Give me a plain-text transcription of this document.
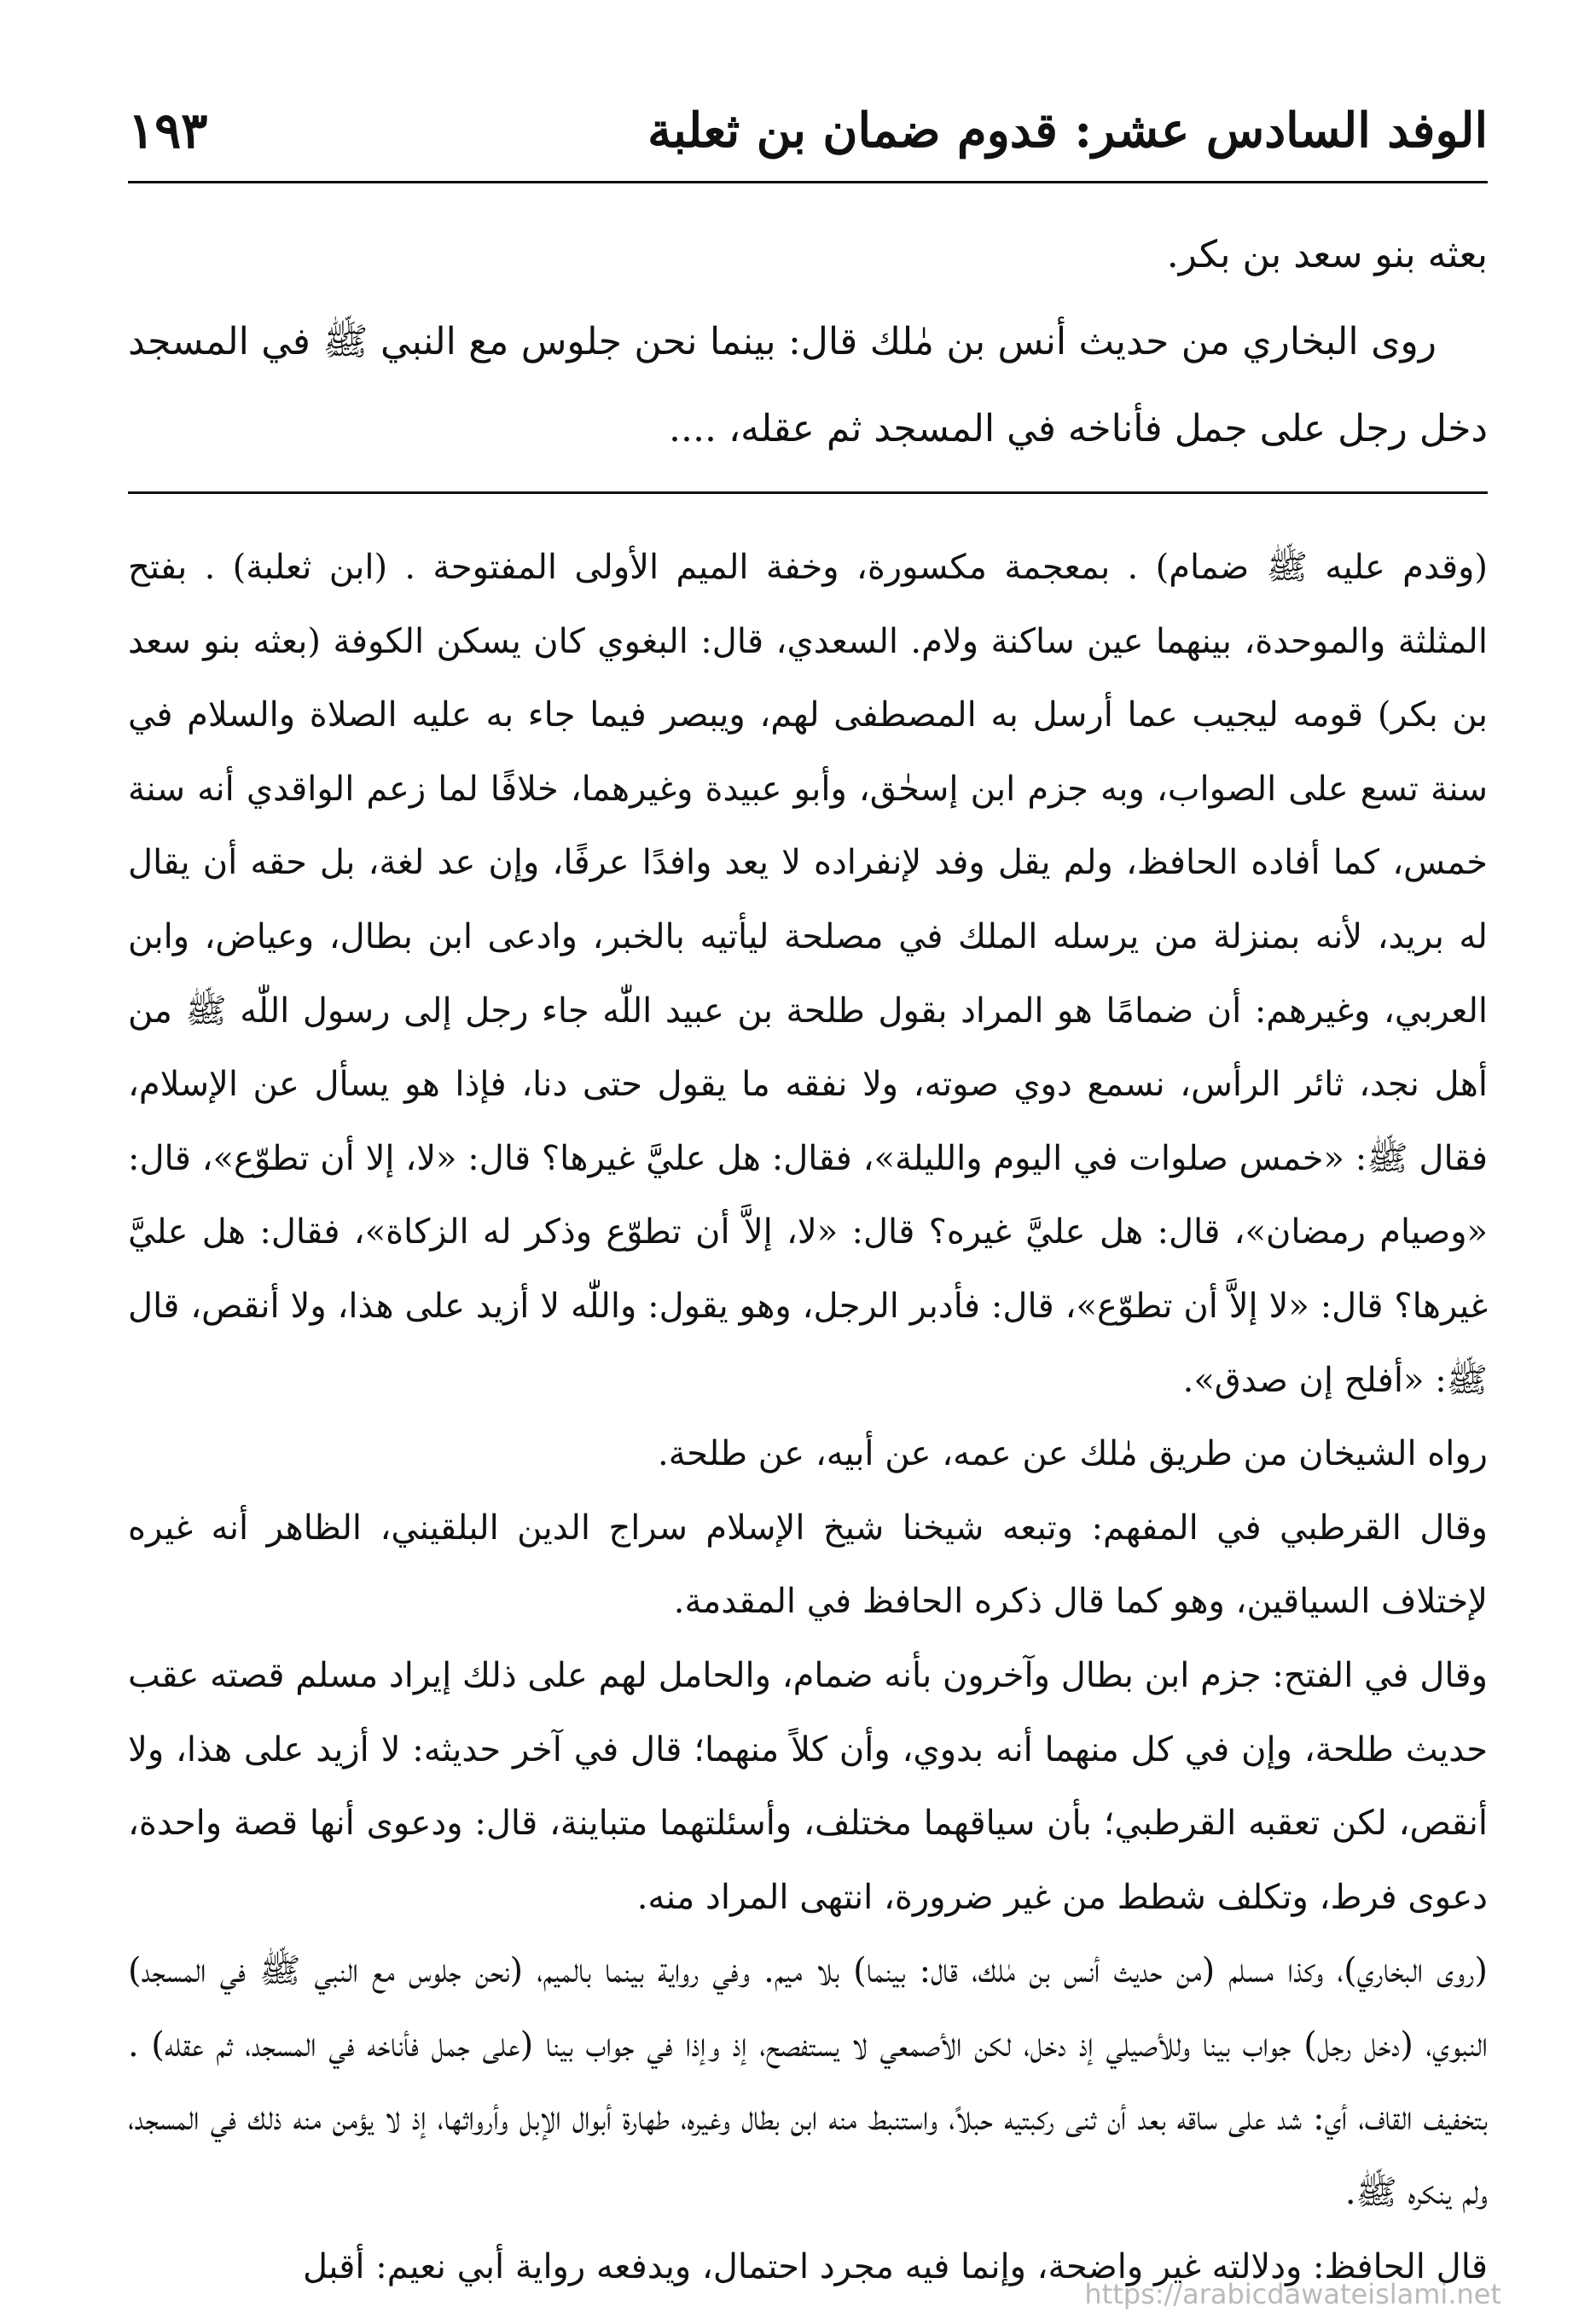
الوفد السادس عشر: قدوم ضمان بن ثعلبة
١٩٣

بعثه بنو سعد بن بكر.

روى البخاري من حديث أنس بن مٰلك قال: بينما نحن جلوس مع النبي ﷺ في المسجد دخل رجل على جمل فأناخه في المسجد ثم عقله، ....

(وقدم عليه ﷺ ضمام) . بمعجمة مكسورة، وخفة الميم الأولى المفتوحة . (ابن ثعلبة) . بفتح المثلثة والموحدة، بينهما عين ساكنة ولام. السعدي، قال: البغوي كان يسكن الكوفة (بعثه بنو سعد بن بكر) قومه ليجيب عما أرسل به المصطفى لهم، ويبصر فيما جاء به عليه الصلاة والسلام في سنة تسع على الصواب، وبه جزم ابن إسحٰق، وأبو عبيدة وغيرهما، خلافًا لما زعم الواقدي أنه سنة خمس، كما أفاده الحافظ، ولم يقل وفد لإنفراده لا يعد وافدًا عرفًا، وإن عد لغة، بل حقه أن يقال له بريد، لأنه بمنزلة من يرسله الملك في مصلحة ليأتيه بالخبر، وادعى ابن بطال، وعياض، وابن العربي، وغيرهم: أن ضمامًا هو المراد بقول طلحة بن عبيد اللّٰه جاء رجل إلى رسول اللّٰه ﷺ من أهل نجد، ثائر الرأس، نسمع دوي صوته، ولا نفقه ما يقول حتى دنا، فإذا هو يسأل عن الإسلام، فقال ﷺ: «خمس صلوات في اليوم والليلة»، فقال: هل عليَّ غيرها؟ قال: «لا، إلا أن تطوّع»، قال: «وصيام رمضان»، قال: هل عليَّ غيره؟ قال: «لا، إلاَّ أن تطوّع وذكر له الزكاة»، فقال: هل عليَّ غيرها؟ قال: «لا إلاَّ أن تطوّع»، قال: فأدبر الرجل، وهو يقول: واللّٰه لا أزيد على هذا، ولا أنقص، قال ﷺ: «أفلح إن صدق».

رواه الشيخان من طريق مٰلك عن عمه، عن أبيه، عن طلحة.

وقال القرطبي في المفهم: وتبعه شيخنا شيخ الإسلام سراج الدين البلقيني، الظاهر أنه غيره لإختلاف السياقين، وهو كما قال ذكره الحافظ في المقدمة.

وقال في الفتح: جزم ابن بطال وآخرون بأنه ضمام، والحامل لهم على ذلك إيراد مسلم قصته عقب حديث طلحة، وإن في كل منهما أنه بدوي، وأن كلاً منهما؛ قال في آخر حديثه: لا أزيد على هذا، ولا أنقص، لكن تعقبه القرطبي؛ بأن سياقهما مختلف، وأسئلتهما متباينة، قال: ودعوى أنها قصة واحدة، دعوى فرط، وتكلف شطط من غير ضرورة، انتهى المراد منه.

(روى البخاري)، وكذا مسلم (من حديث أنس بن مٰلك، قال: بينما) بلا ميم. وفي رواية بينما بالميم، (نحن جلوس مع النبي ﷺ في المسجد) النبوي، (دخل رجل) جواب بينا وللأصيلي إذ دخل، لكن الأصمعي لا يستفصح، إذ وإذا في جواب بينا (على جمل فأناخه في المسجد، ثم عقله) . بتخفيف القاف، أي: شد على ساقه بعد أن ثنى ركبتيه حبلاً، واستنبط منه ابن بطال وغيره، طهارة أبوال الإبل وأرواثها، إذ لا يؤمن منه ذلك في المسجد، ولم ينكره ﷺ.

قال الحافظ: ودلالته غير واضحة، وإنما فيه مجرد احتمال، ويدفعه رواية أبي نعيم: أقبل

https://arabicdawateislami.net
